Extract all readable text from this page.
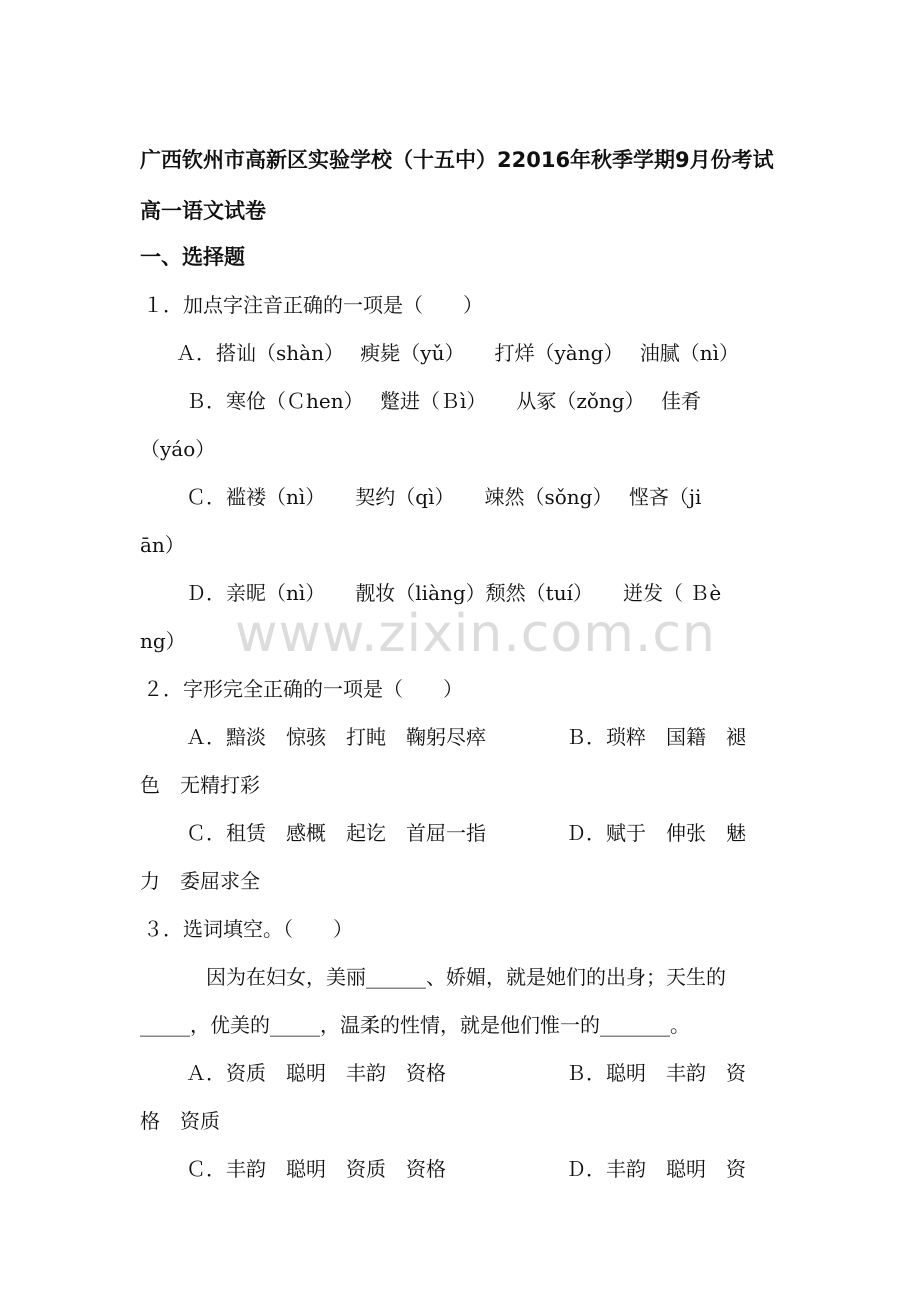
www.zixin.com.cn
广西钦州市高新区实验学校（十五中）22016年秋季学期9月份考试
高一语文试卷
一、选择题
１．加点字注音正确的一项是（　　）
Ａ．搭讪（shàn）　 瘐毙（yǔ）　　打烊（yàng）　 油腻（nì）
Ｂ．寒伧（Ｃhen）　 蹩进（Ｂì）　　从冢（zǒng）　 佳肴
（yáo）
Ｃ．褴褛（nì）　　契约（qì）　　竦然（sǒng）　 悭吝（ji
ān）
Ｄ．亲昵（nì）　　靓妆（liàng）颓然（tuí）　　迸发（ Ｂè
ng）
２．字形完全正确的一项是（　　）
Ａ．黯淡　惊骇　打盹　鞠躬尽瘁　　　　Ｂ．琐粹　国籍　褪
色　无精打彩
Ｃ．租赁　感概　起讫　首屈一指　　　　Ｄ．赋于　伸张　魅
力　委屈求全
３．选词填空。（　　）
因为在妇女，美丽______、娇媚，就是她们的出身；天生的
_____，优美的_____，温柔的性情，就是他们惟一的_______。
Ａ．资质　聪明　丰韵　资格　　　　　　Ｂ．聪明　丰韵　资
格　资质
Ｃ．丰韵　聪明　资质　资格　　　　　　Ｄ．丰韵　聪明　资
